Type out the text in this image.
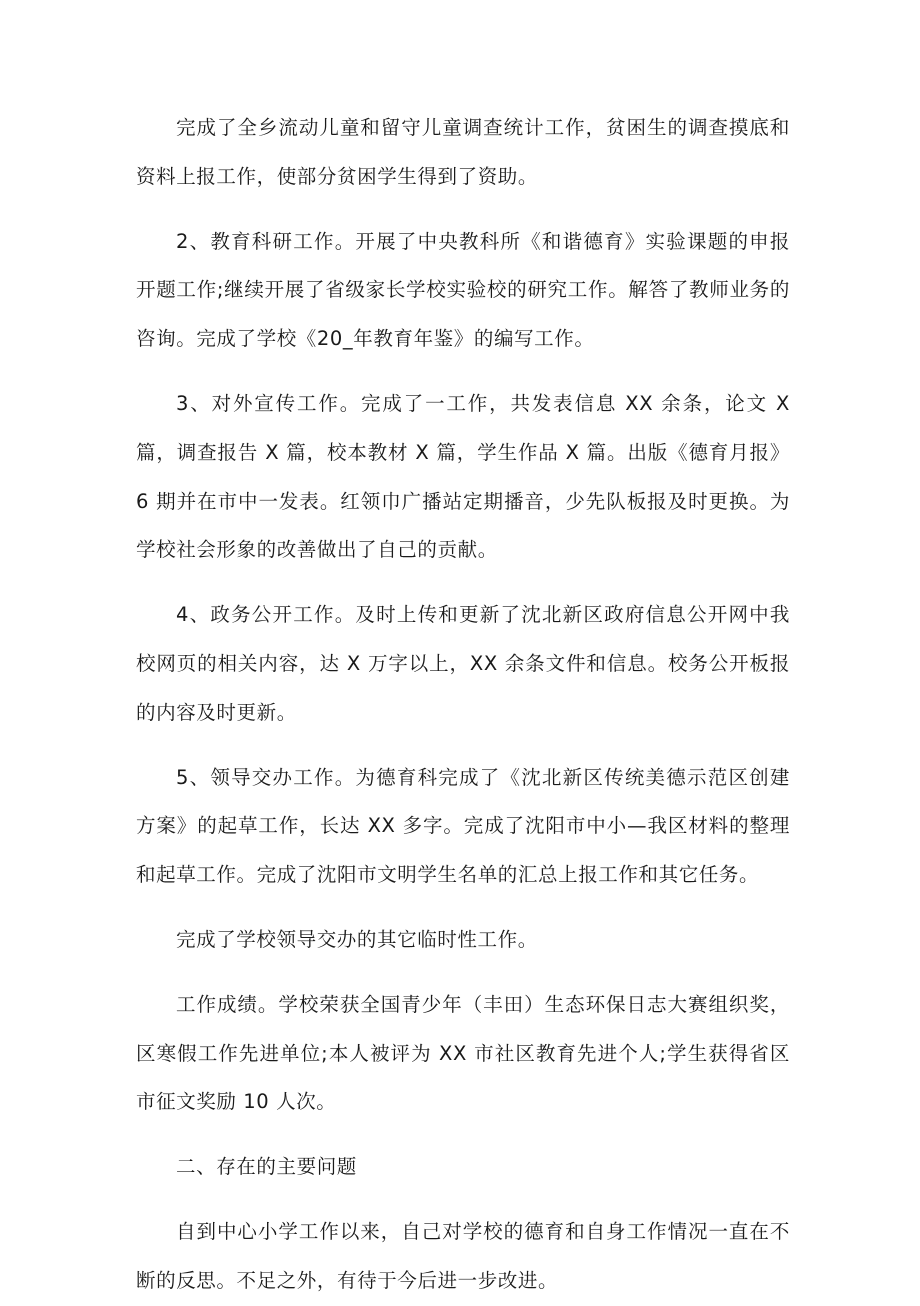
完成了全乡流动儿童和留守儿童调查统计工作，贫困生的调查摸底和资料上报工作，使部分贫困学生得到了资助。

2、教育科研工作。开展了中央教科所《和谐德育》实验课题的申报开题工作;继续开展了省级家长学校实验校的研究工作。解答了教师业务的咨询。完成了学校《20_年教育年鉴》的编写工作。

3、对外宣传工作。完成了一工作，共发表信息 XX 余条，论文 X 篇，调查报告 X 篇，校本教材 X 篇，学生作品 X 篇。出版《德育月报》6 期并在市中一发表。红领巾广播站定期播音，少先队板报及时更换。为学校社会形象的改善做出了自己的贡献。

4、政务公开工作。及时上传和更新了沈北新区政府信息公开网中我校网页的相关内容，达 X 万字以上，XX 余条文件和信息。校务公开板报的内容及时更新。

5、领导交办工作。为德育科完成了《沈北新区传统美德示范区创建方案》的起草工作，长达 XX 多字。完成了沈阳市中小—我区材料的整理和起草工作。完成了沈阳市文明学生名单的汇总上报工作和其它任务。

完成了学校领导交办的其它临时性工作。

工作成绩。学校荣获全国青少年（丰田）生态环保日志大赛组织奖，区寒假工作先进单位;本人被评为 XX 市社区教育先进个人;学生获得省区市征文奖励 10 人次。

二、存在的主要问题

自到中心小学工作以来，自己对学校的德育和自身工作情况一直在不断的反思。不足之外，有待于今后进一步改进。
